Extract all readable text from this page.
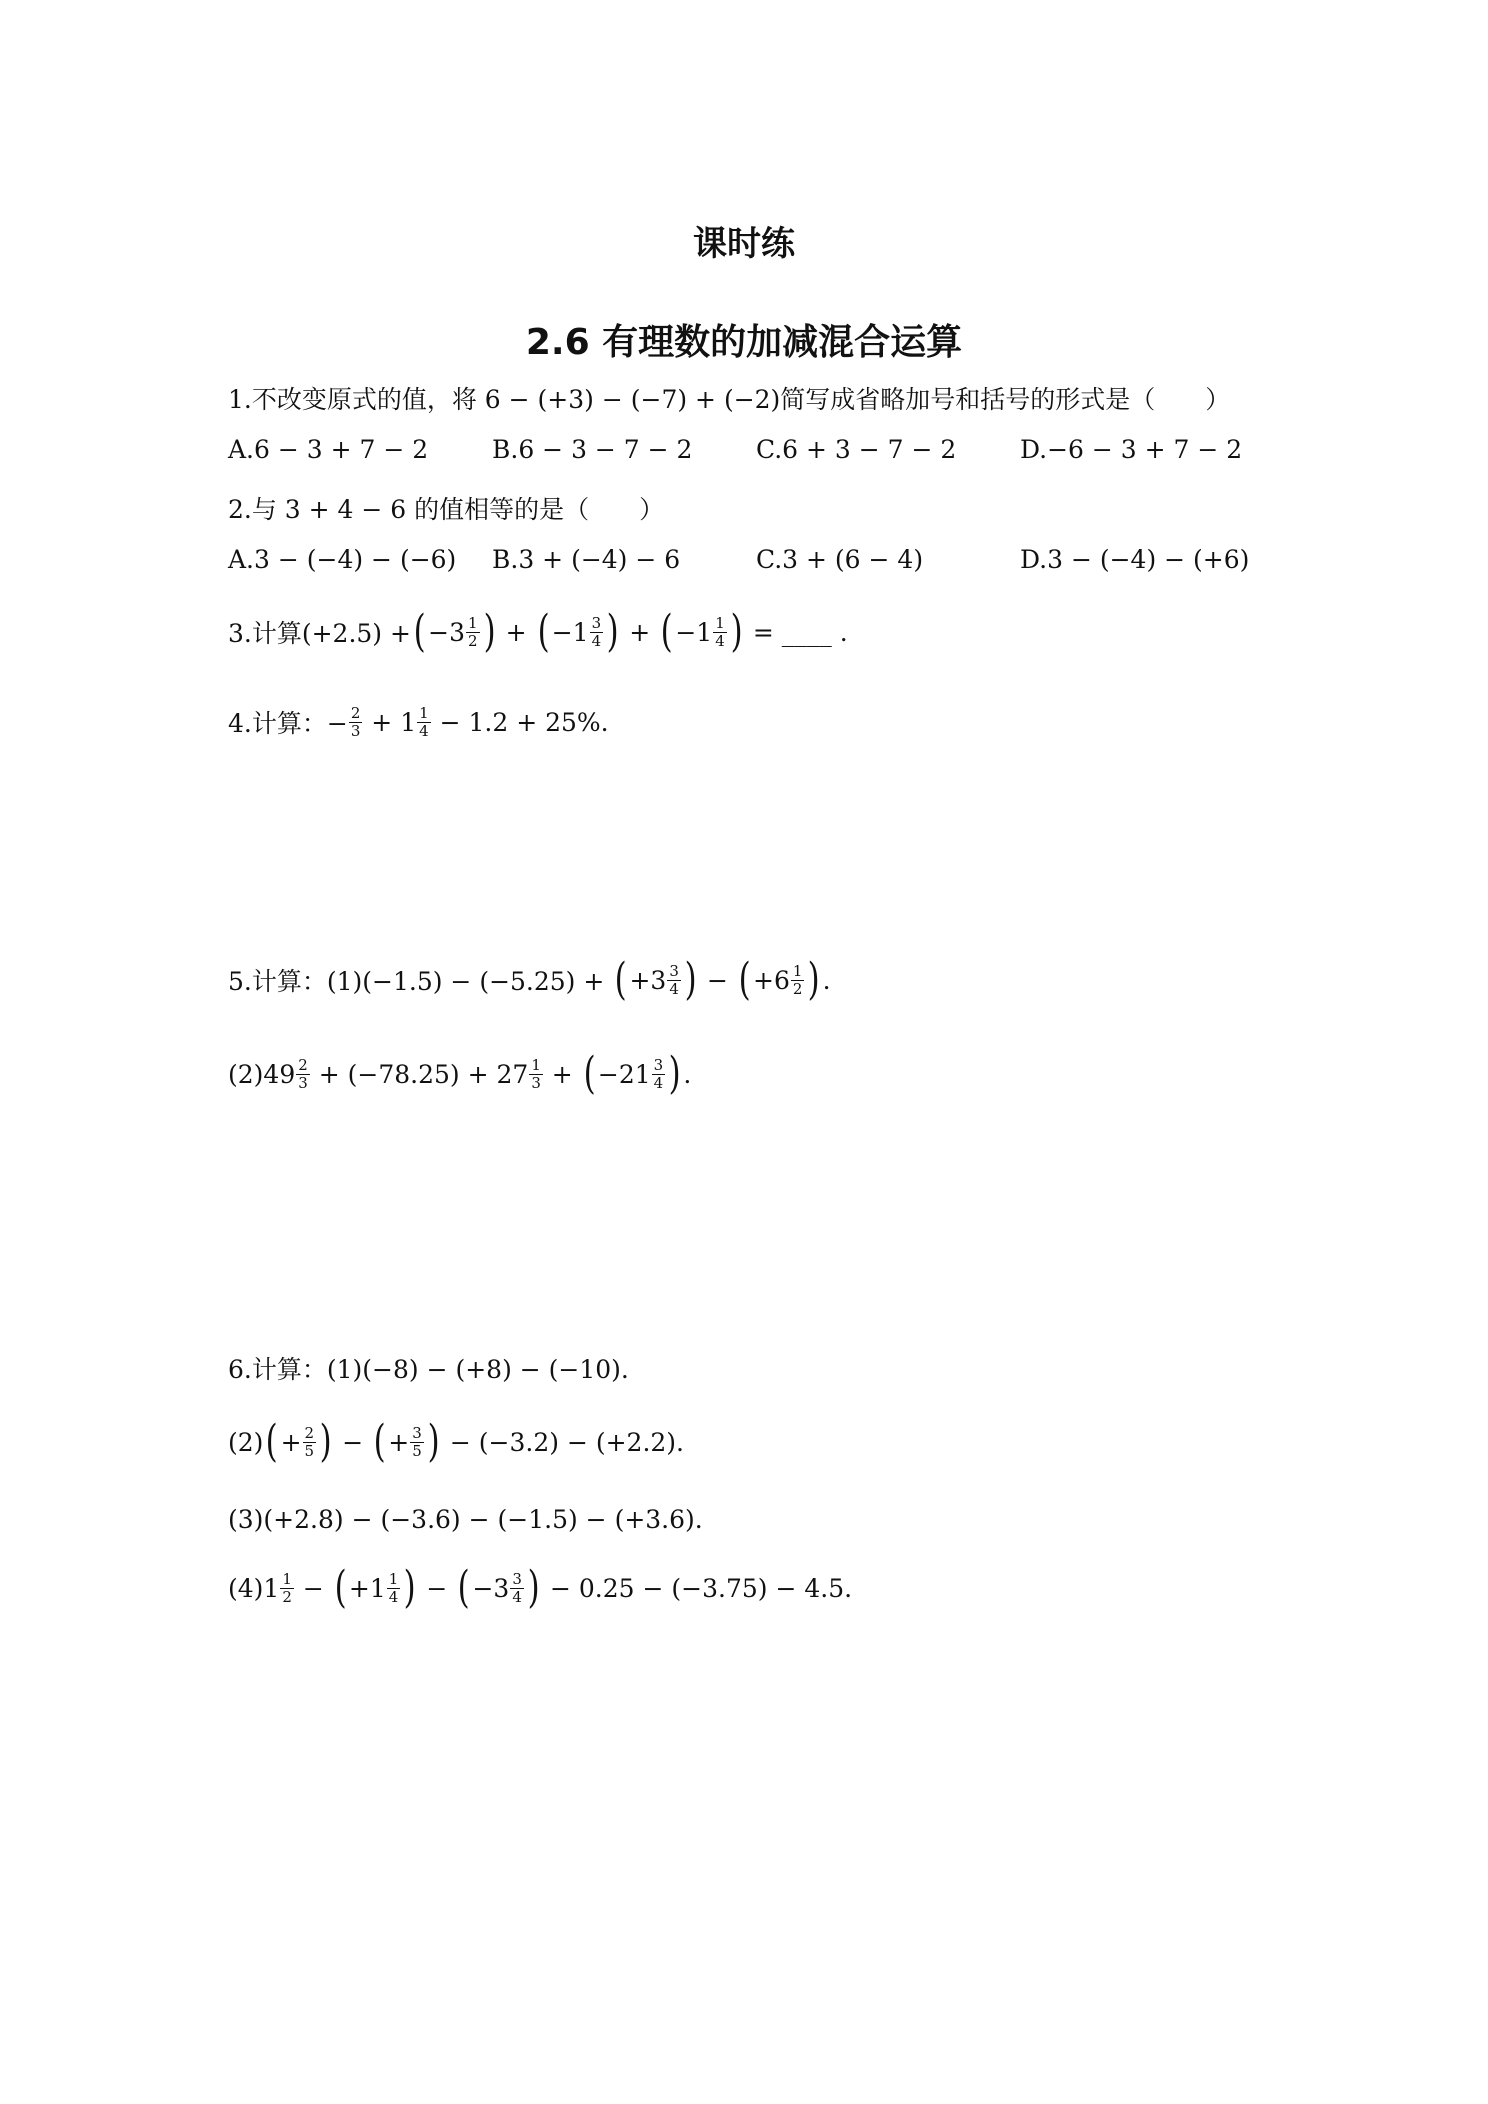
课时练
2.6 有理数的加减混合运算
1.不改变原式的值，将 6 − (+3) − (−7) + (−2)简写成省略加号和括号的形式是（　　）
A.6 − 3 + 7 − 2	B.6 − 3 − 7 − 2	C.6 + 3 − 7 − 2	D.−6 − 3 + 7 − 2
2.与 3 + 4 − 6 的值相等的是（　　）
A.3 − (−4) − (−6) B.3 + (−4) − 6	C.3 + (6 − 4)	D.3 − (−4) − (+6)
3.计算(+2.5) + ( $-3 \frac{1}{2}$ ) + ( $-1 \frac{3}{4}$ ) + ( $-1 \frac{1}{4}$ ) = ____ .
4.计算：− $\frac{2}{3} + 1 \frac{1}{4} - 1.2 + 25\%$.
5.计算：(1)(−1.5) − (−5.25) + ( $+3 \frac{3}{4}$ ) − ( $+6 \frac{1}{2}$ ) .
$(2)49 \frac{2}{3} + (-78.25) + 27 \frac{1}{3}$ + ( $-21 \frac{3}{4}$ ) .
6.计算：(1)(−8) − (+8) − (−10).
(2) ( + $\frac{2}{5}$ ) − ( + $\frac{3}{5}$ ) − (−3.2) − (+2.2).
(3)(+2.8) − (−3.6) − (−1.5) − (+3.6).
$(4)1 \frac{1}{2}$ − ( $+1 \frac{1}{4}$ ) − ( $-3 \frac{3}{4}$ ) − 0.25 − (−3.75) − 4.5.
